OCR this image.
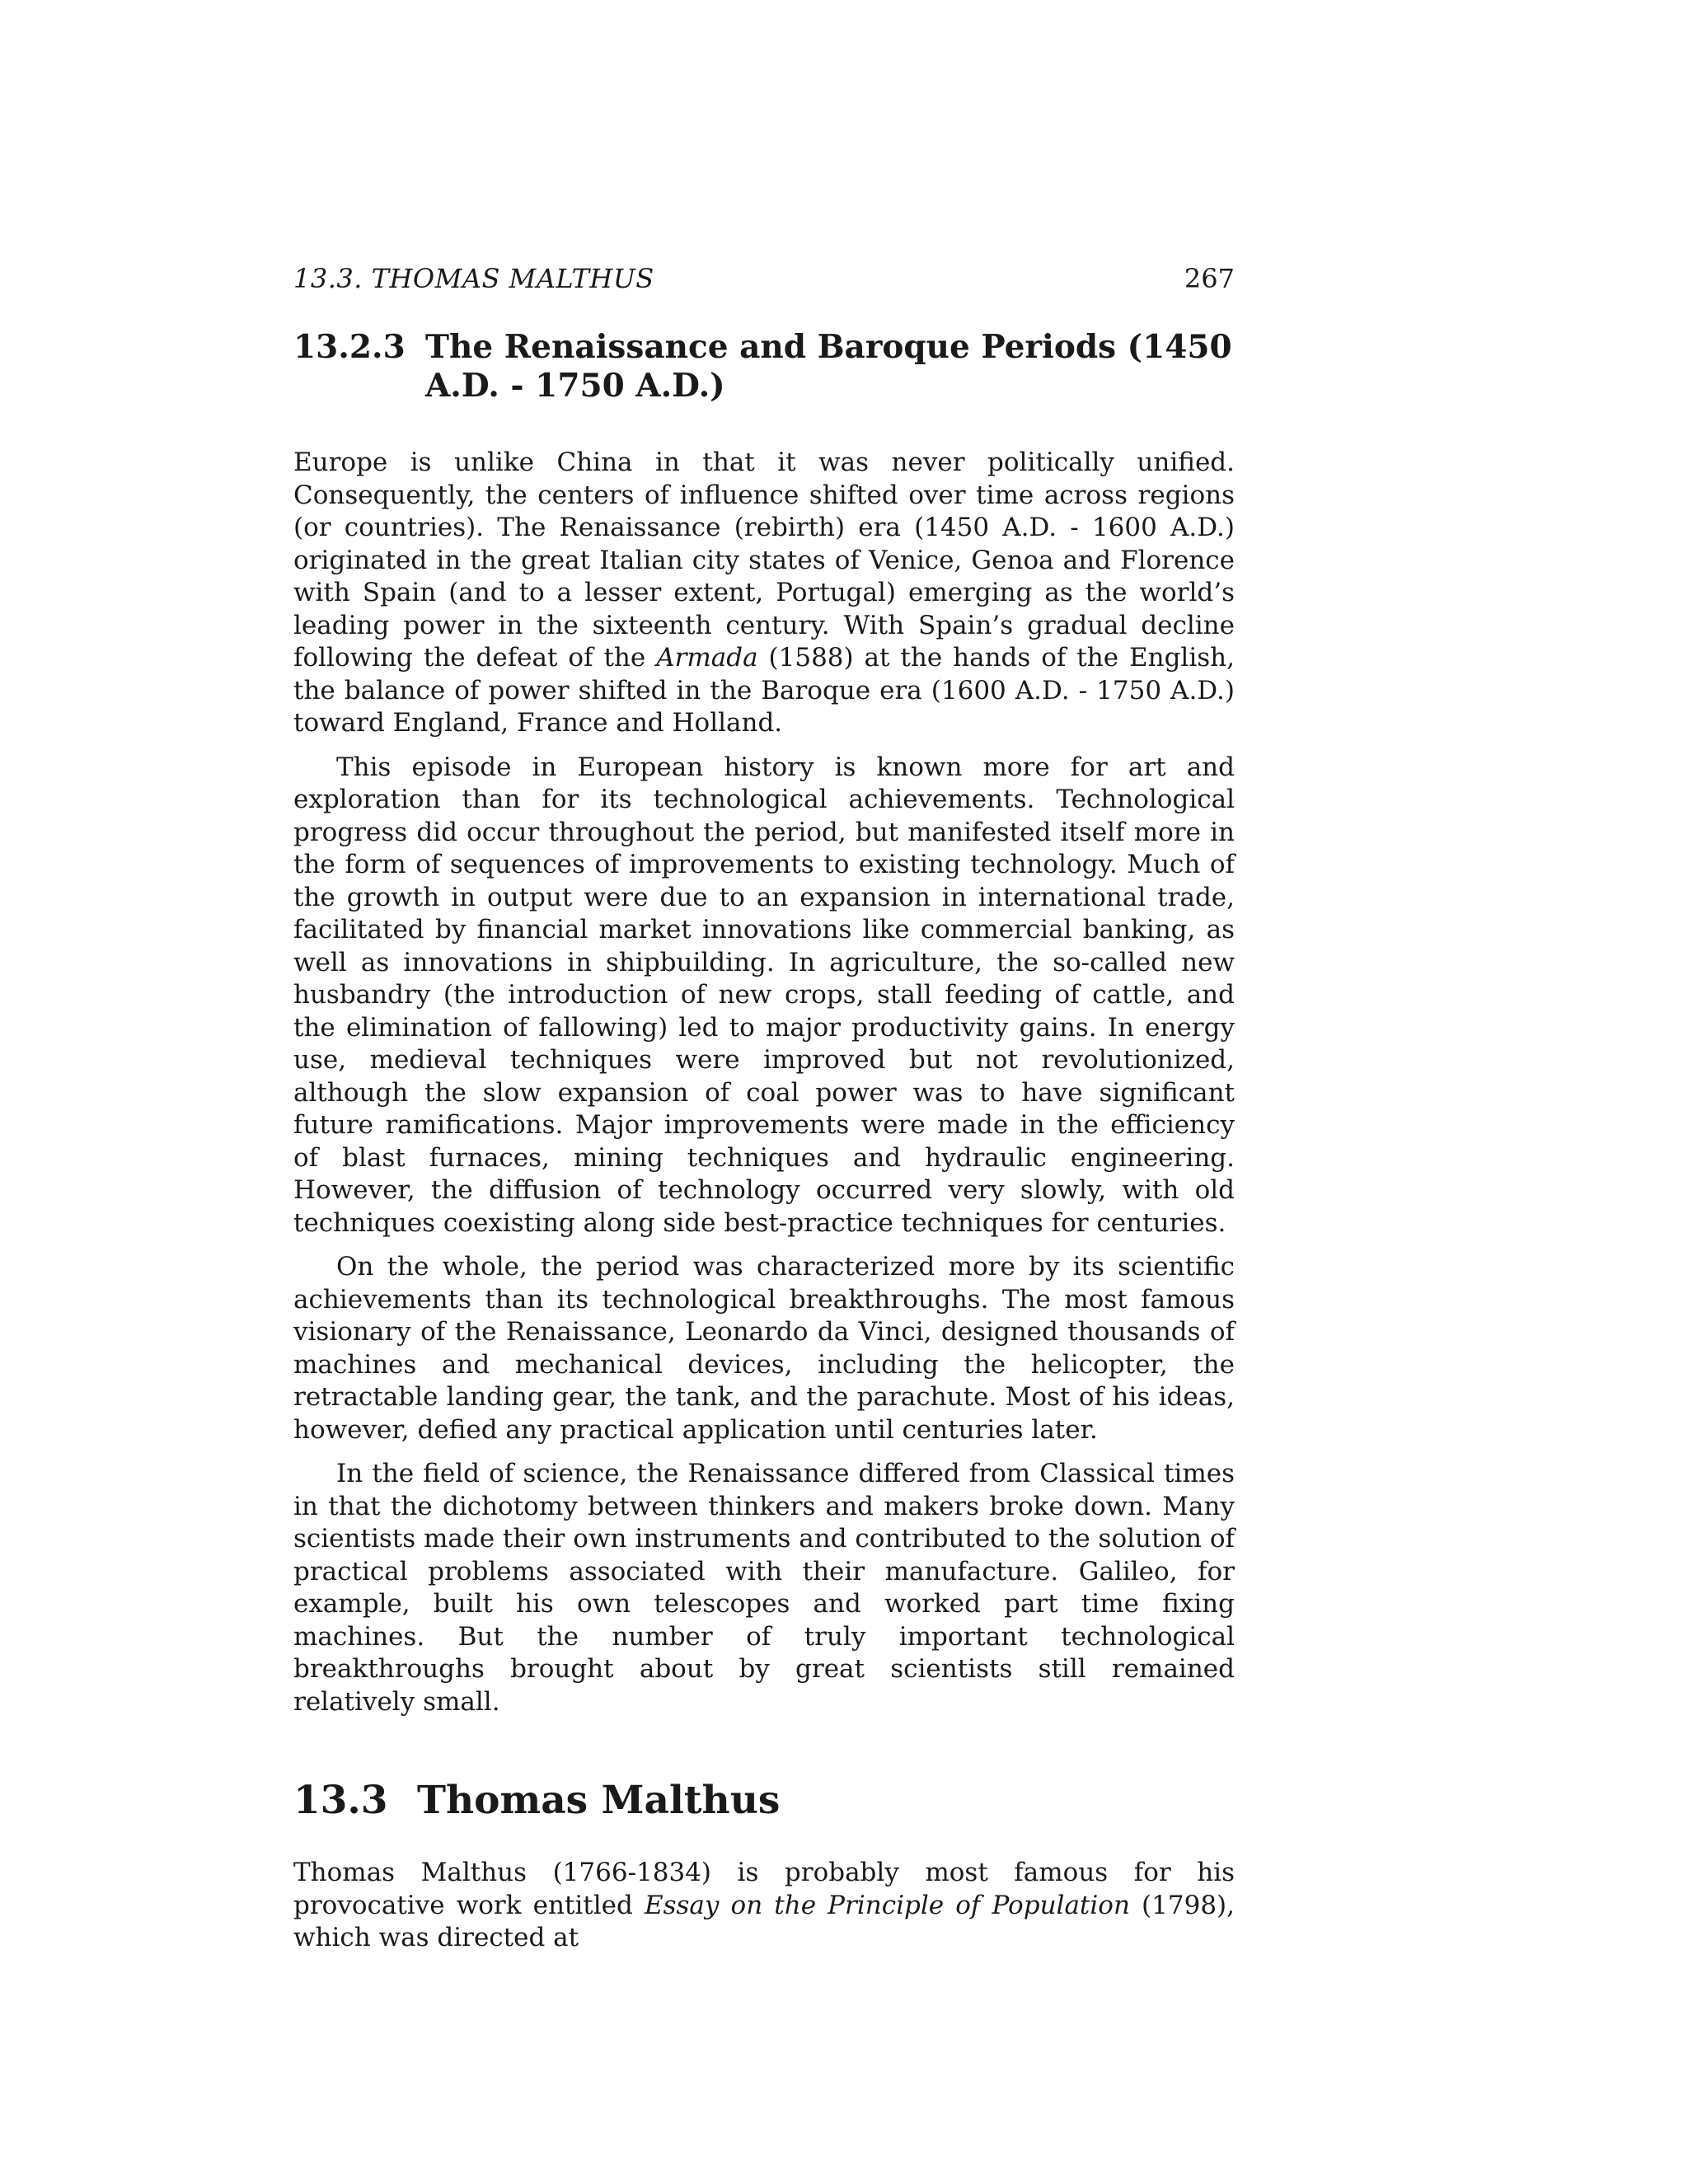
13.3. THOMAS MALTHUS	267
13.2.3 The Renaissance and Baroque Periods (1450 A.D. - 1750 A.D.)

Europe is unlike China in that it was never politically unified. Consequently, the centers of influence shifted over time across regions (or countries). The Renaissance (rebirth) era (1450 A.D. - 1600 A.D.) originated in the great Italian city states of Venice, Genoa and Florence with Spain (and to a lesser extent, Portugal) emerging as the world’s leading power in the sixteenth century. With Spain’s gradual decline following the defeat of the Armada (1588) at the hands of the English, the balance of power shifted in the Baroque era (1600 A.D. - 1750 A.D.) toward England, France and Holland.

This episode in European history is known more for art and exploration than for its technological achievements. Technological progress did occur throughout the period, but manifested itself more in the form of sequences of improvements to existing technology. Much of the growth in output were due to an expansion in international trade, facilitated by financial market innovations like commercial banking, as well as innovations in shipbuilding. In agriculture, the so-called new husbandry (the introduction of new crops, stall feeding of cattle, and the elimination of fallowing) led to major productivity gains. In energy use, medieval techniques were improved but not revolutionized, although the slow expansion of coal power was to have significant future ramifications. Major improvements were made in the efficiency of blast furnaces, mining techniques and hydraulic engineering. However, the diffusion of technology occurred very slowly, with old techniques coexisting along side best-practice techniques for centuries.

On the whole, the period was characterized more by its scientific achievements than its technological breakthroughs. The most famous visionary of the Renaissance, Leonardo da Vinci, designed thousands of machines and mechanical devices, including the helicopter, the retractable landing gear, the tank, and the parachute. Most of his ideas, however, defied any practical application until centuries later.

In the field of science, the Renaissance differed from Classical times in that the dichotomy between thinkers and makers broke down. Many scientists made their own instruments and contributed to the solution of practical problems associated with their manufacture. Galileo, for example, built his own telescopes and worked part time fixing machines. But the number of truly important technological breakthroughs brought about by great scientists still remained relatively small.

13.3 Thomas Malthus

Thomas Malthus (1766-1834) is probably most famous for his provocative work entitled Essay on the Principle of Population (1798), which was directed at
